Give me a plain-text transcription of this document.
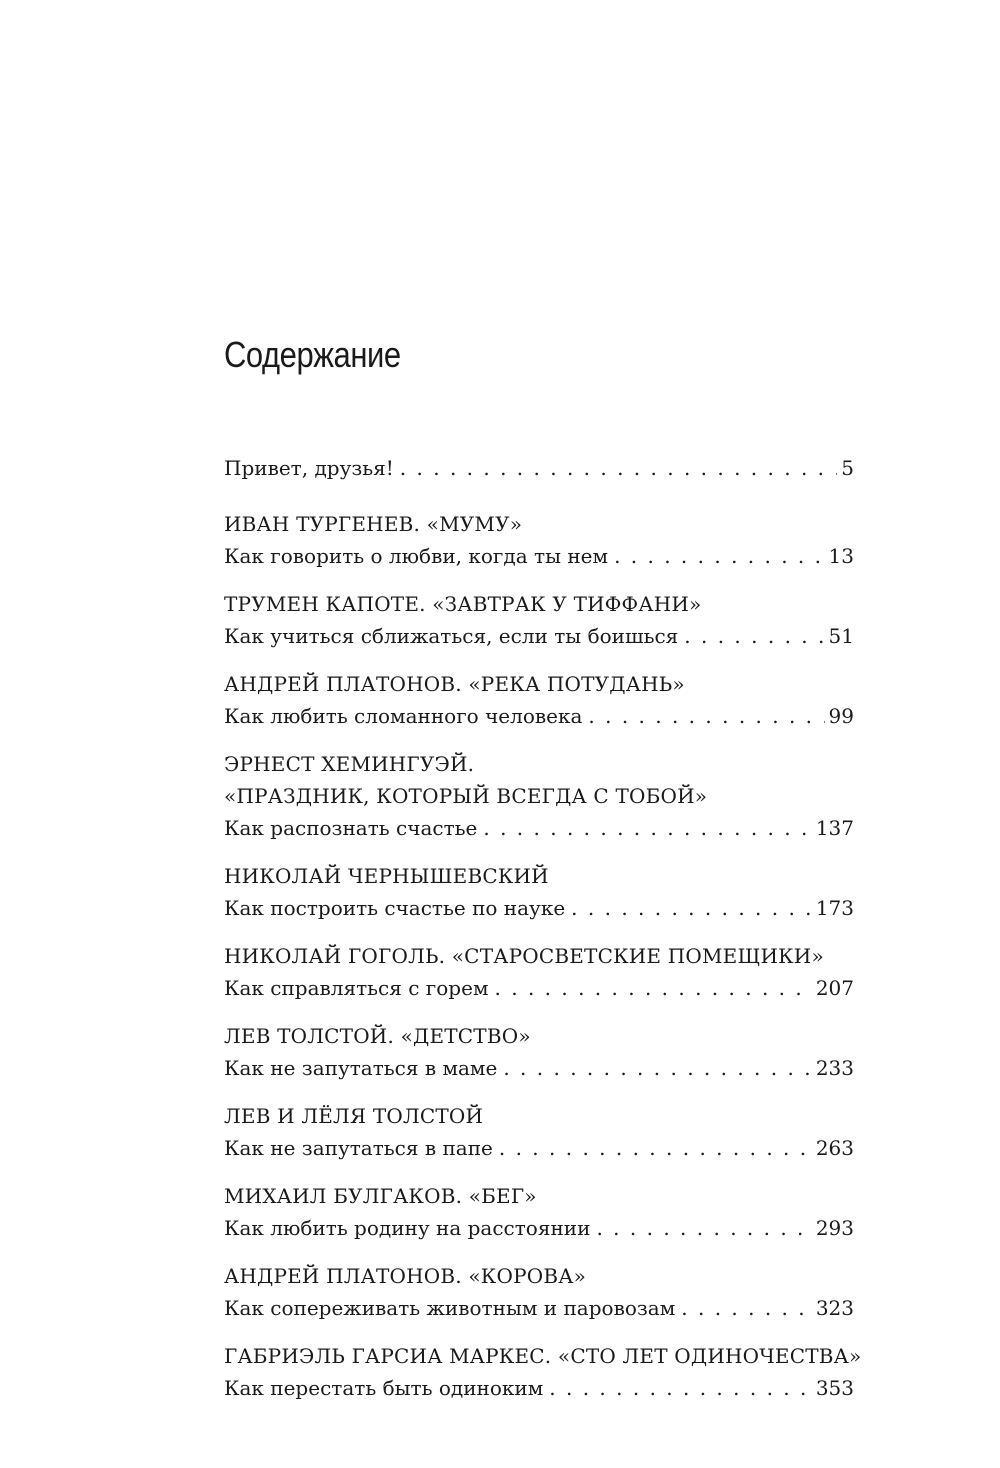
Содержание
Привет, друзья! . . .	5
ИВАН ТУРГЕНЕВ. «МУМУ»
Как говорить о любви, когда ты нем . . .	13
ТРУМЕН КАПОТЕ. «ЗАВТРАК У ТИФФАНИ»
Как учиться сближаться, если ты боишься . . .	51
АНДРЕЙ ПЛАТОНОВ. «РЕКА ПОТУДАНЬ»
Как любить сломанного человека . . .	99
ЭРНЕСТ ХЕМИНГУЭЙ.
«ПРАЗДНИК, КОТОРЫЙ ВСЕГДА С ТОБОЙ»
Как распознать счастье . . .	137
НИКОЛАЙ ЧЕРНЫШЕВСКИЙ
Как построить счастье по науке . . .	173
НИКОЛАЙ ГОГОЛЬ. «СТАРОСВЕТСКИЕ ПОМЕЩИКИ»
Как справляться с горем . . .	207
ЛЕВ ТОЛСТОЙ. «ДЕТСТВО»
Как не запутаться в маме . . .	233
ЛЕВ И ЛЁЛЯ ТОЛСТОЙ
Как не запутаться в папе . . .	263
МИХАИЛ БУЛГАКОВ. «БЕГ»
Как любить родину на расстоянии . . .	293
АНДРЕЙ ПЛАТОНОВ. «КОРОВА»
Как сопереживать животным и паровозам . . .	323
ГАБРИЭЛЬ ГАРСИА МАРКЕС. «СТО ЛЕТ ОДИНОЧЕСТВА»
Как перестать быть одиноким . . .	353
